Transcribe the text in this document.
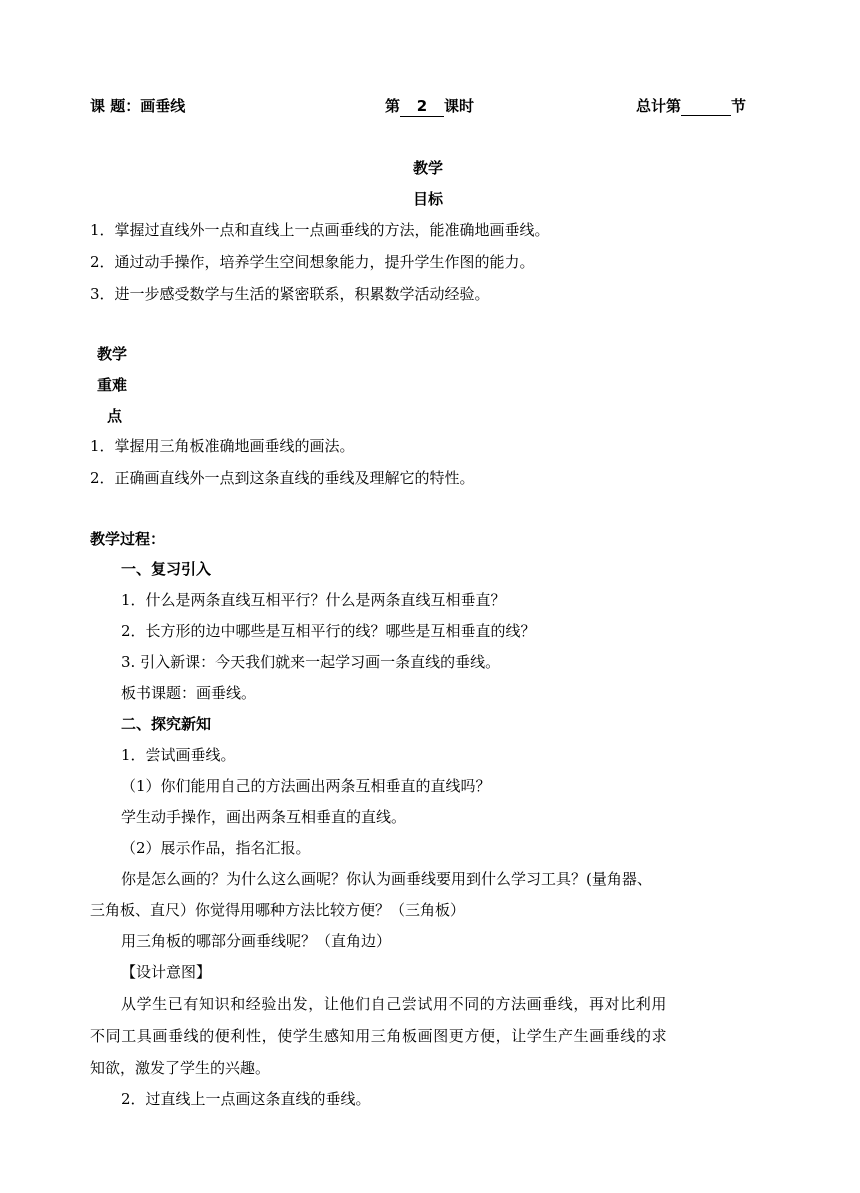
课 题：画垂线	第 2 课时	总计第	节
教学
目标
1．掌握过直线外一点和直线上一点画垂线的方法，能准确地画垂线。
2．通过动手操作，培养学生空间想象能力，提升学生作图的能力。
3．进一步感受数学与生活的紧密联系，积累数学活动经验。
教学
重难
点
1．掌握用三角板准确地画垂线的画法。
2．正确画直线外一点到这条直线的垂线及理解它的特性。
教学过程：
一、复习引入
1．什么是两条直线互相平行？什么是两条直线互相垂直？
2．长方形的边中哪些是互相平行的线？哪些是互相垂直的线？
3. 引入新课：今天我们就来一起学习画一条直线的垂线。
板书课题：画垂线。
二、探究新知
1．尝试画垂线。
（1）你们能用自己的方法画出两条互相垂直的直线吗？
学生动手操作，画出两条互相垂直的直线。
（2）展示作品，指名汇报。
你是怎么画的？为什么这么画呢？你认为画垂线要用到什么学习工具？(量角器、
三角板、直尺）你觉得用哪种方法比较方便？（三角板）
用三角板的哪部分画垂线呢？（直角边）
【设计意图】
从学生已有知识和经验出发，让他们自己尝试用不同的方法画垂线，再对比利用
不同工具画垂线的便利性，使学生感知用三角板画图更方便，让学生产生画垂线的求
知欲，激发了学生的兴趣。
2．过直线上一点画这条直线的垂线。
